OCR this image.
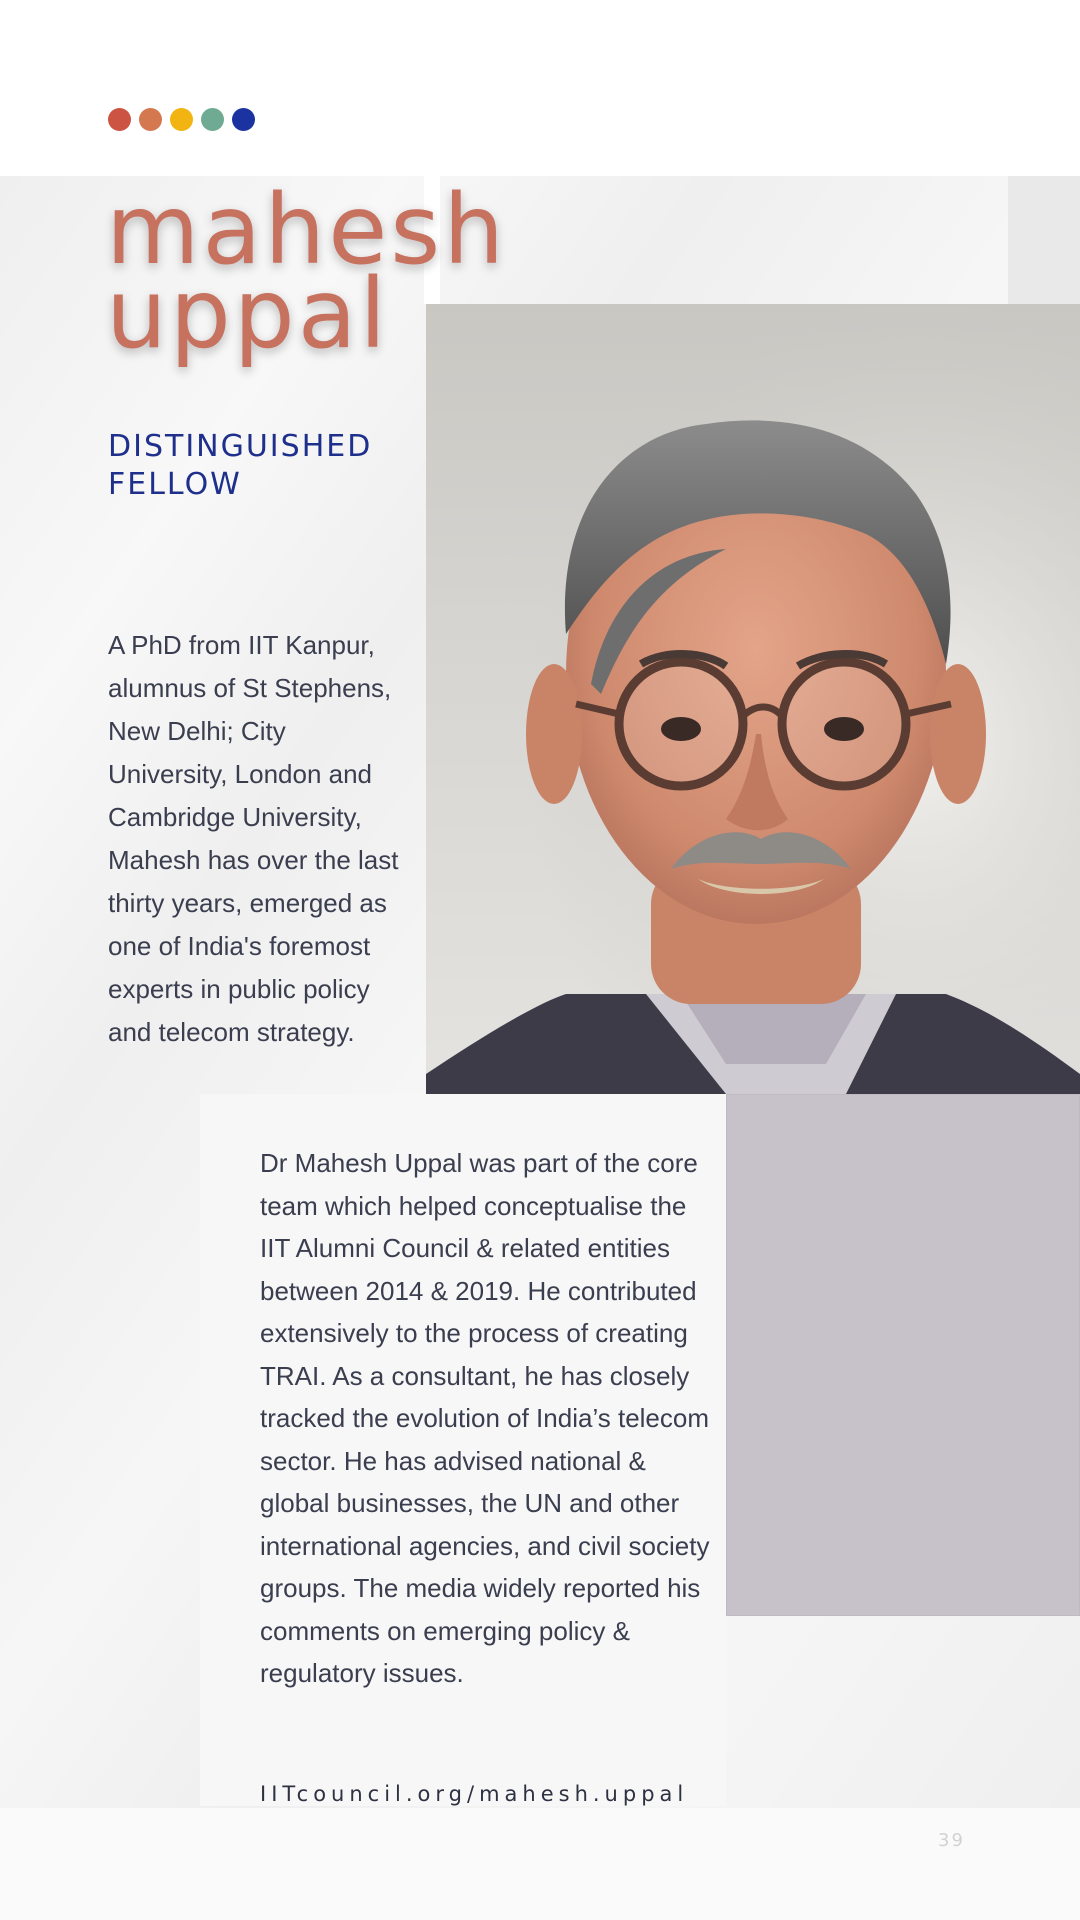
mahesh
uppal
DISTINGUISHED
FELLOW

A PhD from IIT Kanpur, alumnus of St Stephens, New Delhi; City University, London and Cambridge University, Mahesh has over the last thirty years, emerged as one of India's foremost experts in public policy and telecom strategy.

Dr Mahesh Uppal was part of the core team which helped conceptualise the IIT Alumni Council & related entities between 2014 & 2019. He contributed extensively to the process of creating TRAI. As a consultant, he has closely tracked the evolution of India’s telecom sector. He has advised national & global businesses, the UN and other international agencies, and civil society groups. The media widely reported his comments on emerging policy & regulatory issues.

IITcouncil.org/mahesh.uppal

39
